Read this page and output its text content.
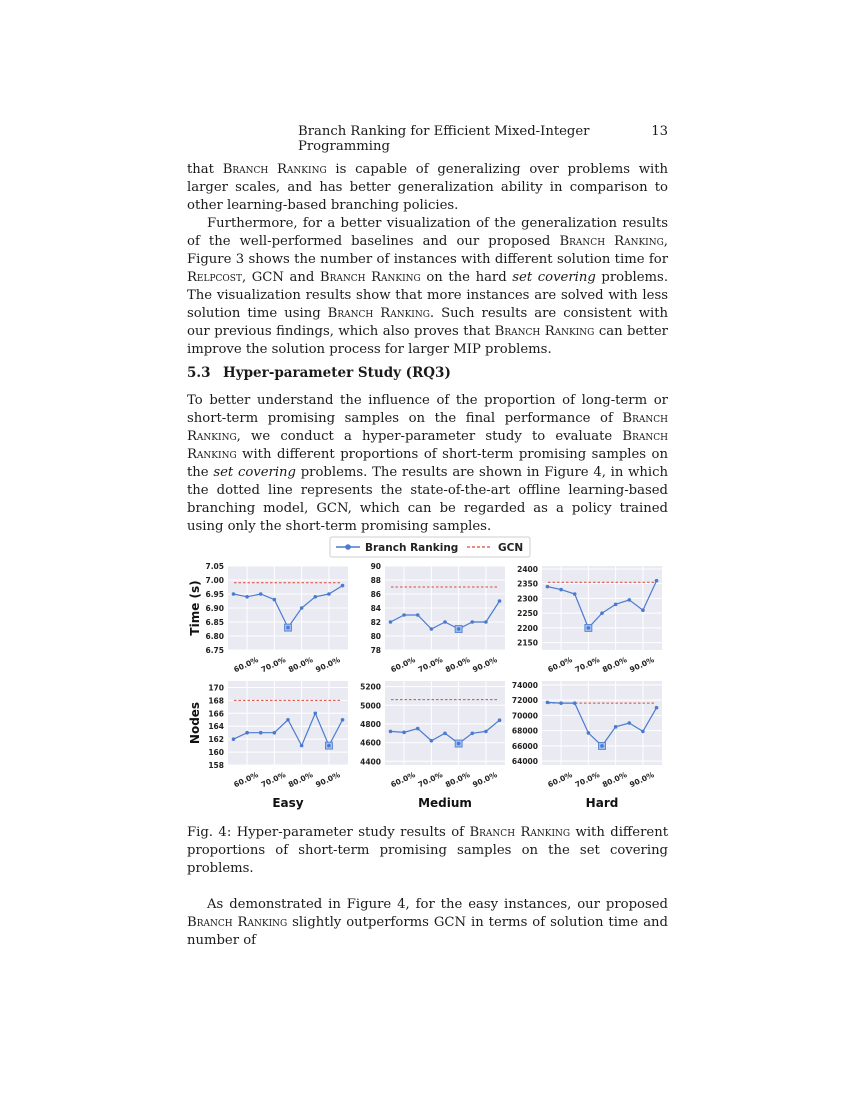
Branch Ranking for Efficient Mixed-Integer Programming
13

that Branch Ranking is capable of generalizing over problems with larger scales, and has better generalization ability in comparison to other learning-based branching policies.

Furthermore, for a better visualization of the generalization results of the well-performed baselines and our proposed Branch Ranking, Figure 3 shows the number of instances with different solution time for Relpcost, GCN and Branch Ranking on the hard set covering problems. The visualization results show that more instances are solved with less solution time using Branch Ranking. Such results are consistent with our previous findings, which also proves that Branch Ranking can better improve the solution process for larger MIP problems.

5.3 Hyper-parameter Study (RQ3)

To better understand the influence of the proportion of long-term or short-term promising samples on the final performance of Branch Ranking, we conduct a hyper-parameter study to evaluate Branch Ranking with different proportions of short-term promising samples on the set covering problems. The results are shown in Figure 4, in which the dotted line represents the state-of-the-art offline learning-based branching model, GCN, which can be regarded as a policy trained using only the short-term promising samples.

Branch Ranking	GCN
Time (s)
Nodes
Easy	Medium	Hard
6.75
6.80
6.85
6.90
6.95
7.00
7.05
60.0% 70.0% 80.0% 90.0%
78
80
82
84
86
88
90
60.0% 70.0% 80.0% 90.0%
2150
2200
2250
2300
2350
2400
60.0% 70.0% 80.0% 90.0%
158
160
162
164
166
168
170
60.0% 70.0% 80.0% 90.0%
4400
4600
4800
5000
5200
60.0% 70.0% 80.0% 90.0%
64000
66000
68000
70000
72000
74000
60.0% 70.0% 80.0% 90.0%
Fig. 4: Hyper-parameter study results of Branch Ranking with different proportions of short-term promising samples on the set covering problems.

As demonstrated in Figure 4, for the easy instances, our proposed Branch Ranking slightly outperforms GCN in terms of solution time and number of
